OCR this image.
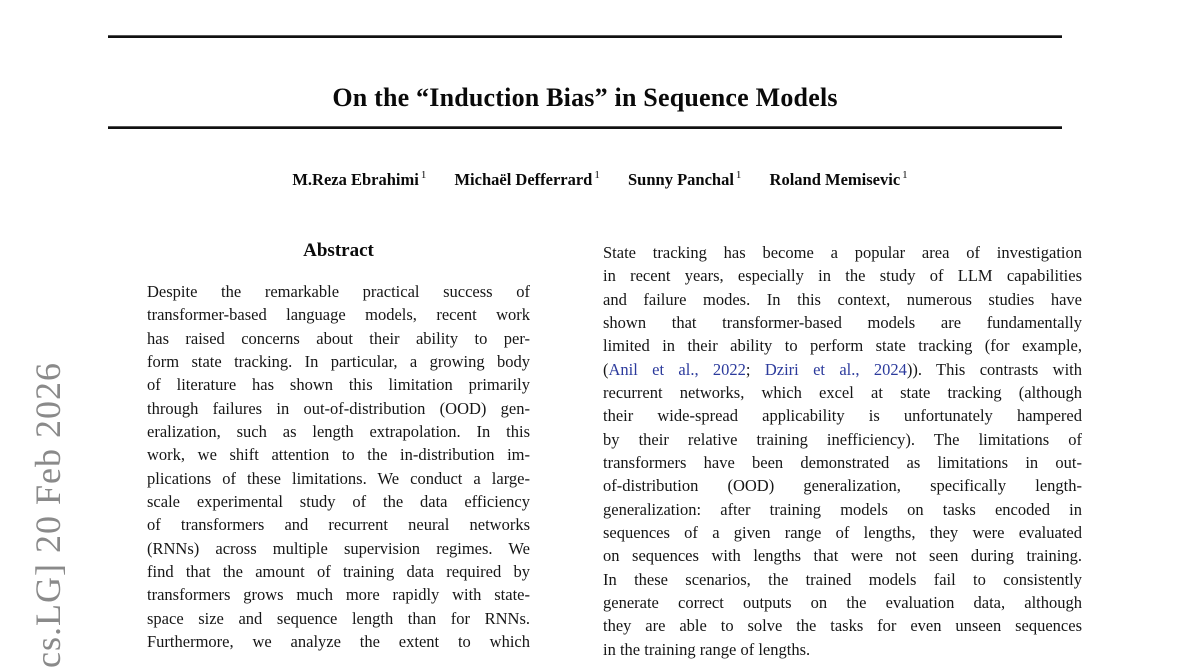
cs.LG] 20 Feb 2026
On the “Induction Bias” in Sequence Models
M.Reza Ebrahimi $^1$ Michaël Defferrard $^1$ Sunny Panchal $^1$ Roland Memisevic $^1$
Abstract
Despite the remarkable practical success of
transformer-based language models, recent work
has raised concerns about their ability to per-
form state tracking. In particular, a growing body
of literature has shown this limitation primarily
through failures in out-of-distribution (OOD) gen-
eralization, such as length extrapolation. In this
work, we shift attention to the in-distribution im-
plications of these limitations. We conduct a large-
scale experimental study of the data efficiency
of transformers and recurrent neural networks
(RNNs) across multiple supervision regimes. We
find that the amount of training data required by
transformers grows much more rapidly with state-
space size and sequence length than for RNNs.
Furthermore, we analyze the extent to which
State tracking has become a popular area of investigation
in recent years, especially in the study of LLM capabilities
and failure modes. In this context, numerous studies have
shown that transformer-based models are fundamentally
limited in their ability to perform state tracking (for example,
(Anil et al., 2022; Dziri et al., 2024)). This contrasts with
recurrent networks, which excel at state tracking (although
their wide-spread applicability is unfortunately hampered
by their relative training inefficiency). The limitations of
transformers have been demonstrated as limitations in out-
of-distribution (OOD) generalization, specifically length-
generalization: after training models on tasks encoded in
sequences of a given range of lengths, they were evaluated
on sequences with lengths that were not seen during training.
In these scenarios, the trained models fail to consistently
generate correct outputs on the evaluation data, although
they are able to solve the tasks for even unseen sequences
in the training range of lengths.
